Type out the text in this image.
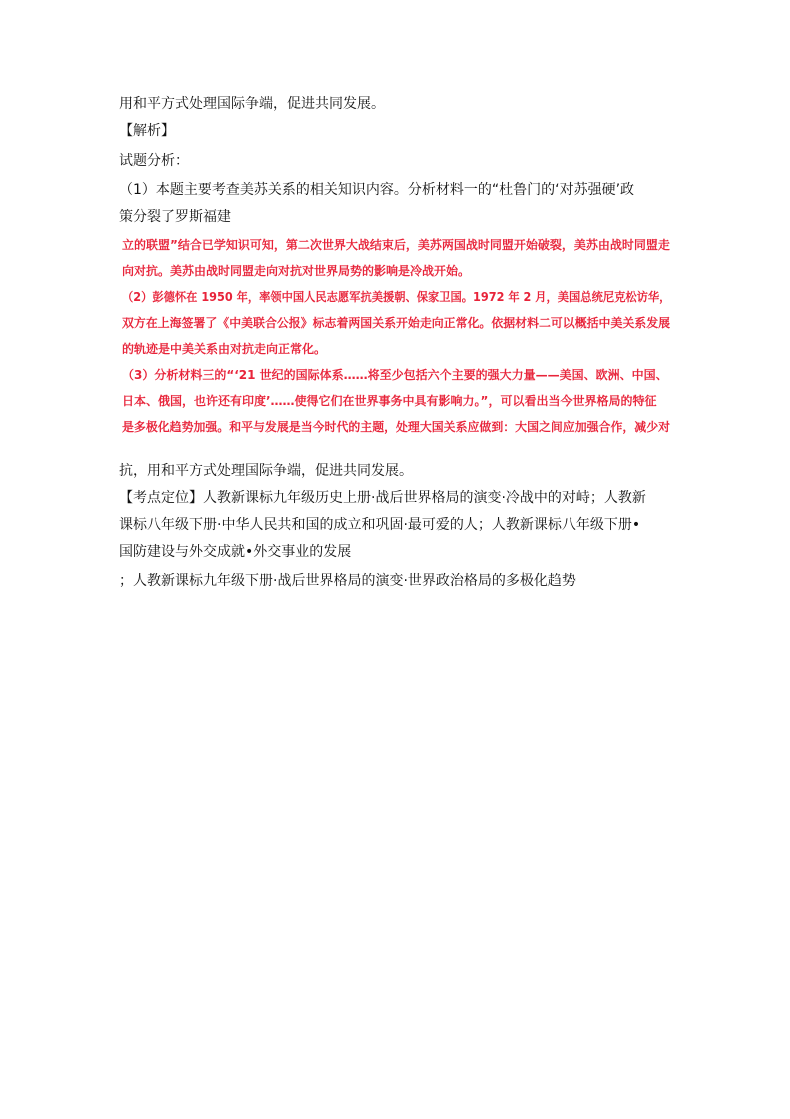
用和平方式处理国际争端，促进共同发展。
【解析】
试题分析：
（1）本题主要考查美苏关系的相关知识内容。分析材料一的“杜鲁门的‘对苏强硬’政
策分裂了罗斯福建
立的联盟”结合已学知识可知，第二次世界大战结束后，美苏两国战时同盟开始破裂，美苏由战时同盟走
向对抗。美苏由战时同盟走向对抗对世界局势的影响是冷战开始。
（2）彭德怀在 1950 年，率领中国人民志愿军抗美援朝、保家卫国。1972 年 2 月，美国总统尼克松访华，
双方在上海签署了《中美联合公报》标志着两国关系开始走向正常化。依据材料二可以概括中美关系发展
的轨迹是中美关系由对抗走向正常化。
（3）分析材料三的“‘21 世纪的国际体系……将至少包括六个主要的强大力量——美国、欧洲、中国、
日本、俄国，也许还有印度’……使得它们在世界事务中具有影响力。”，可以看出当今世界格局的特征
是多极化趋势加强。和平与发展是当今时代的主题，处理大国关系应做到：大国之间应加强合作，减少对
抗，用和平方式处理国际争端，促进共同发展。
【考点定位】人教新课标九年级历史上册·战后世界格局的演变·冷战中的对峙；人教新
课标八年级下册·中华人民共和国的成立和巩固·最可爱的人；人教新课标八年级下册•
国防建设与外交成就•外交事业的发展
；人教新课标九年级下册·战后世界格局的演变·世界政治格局的多极化趋势
